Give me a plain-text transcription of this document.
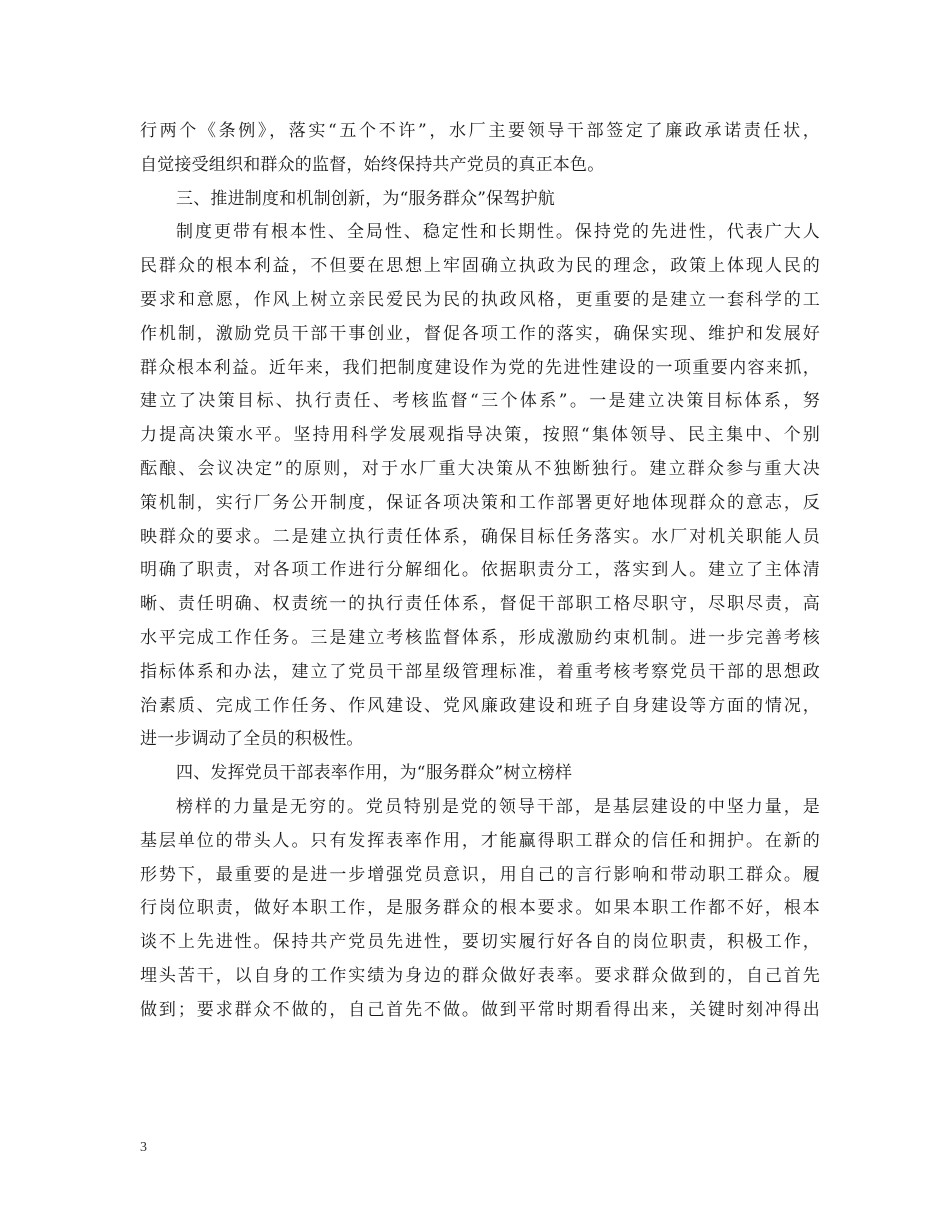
行两个《条例》，落实“五个不许”，水厂主要领导干部签定了廉政承诺责任状，
自觉接受组织和群众的监督，始终保持共产党员的真正本色。
三、推进制度和机制创新，为“服务群众”保驾护航
制度更带有根本性、全局性、稳定性和长期性。保持党的先进性，代表广大人
民群众的根本利益，不但要在思想上牢固确立执政为民的理念，政策上体现人民的
要求和意愿，作风上树立亲民爱民为民的执政风格，更重要的是建立一套科学的工
作机制，激励党员干部干事创业，督促各项工作的落实，确保实现、维护和发展好
群众根本利益。近年来，我们把制度建设作为党的先进性建设的一项重要内容来抓，
建立了决策目标、执行责任、考核监督“三个体系”。一是建立决策目标体系，努
力提高决策水平。坚持用科学发展观指导决策，按照“集体领导、民主集中、个别
酝酿、会议决定”的原则，对于水厂重大决策从不独断独行。建立群众参与重大决
策机制，实行厂务公开制度，保证各项决策和工作部署更好地体现群众的意志，反
映群众的要求。二是建立执行责任体系，确保目标任务落实。水厂对机关职能人员
明确了职责，对各项工作进行分解细化。依据职责分工，落实到人。建立了主体清
晰、责任明确、权责统一的执行责任体系，督促干部职工格尽职守，尽职尽责，高
水平完成工作任务。三是建立考核监督体系，形成激励约束机制。进一步完善考核
指标体系和办法，建立了党员干部星级管理标准，着重考核考察党员干部的思想政
治素质、完成工作任务、作风建设、党风廉政建设和班子自身建设等方面的情况，
进一步调动了全员的积极性。
四、发挥党员干部表率作用，为“服务群众”树立榜样
榜样的力量是无穷的。党员特别是党的领导干部，是基层建设的中坚力量，是
基层单位的带头人。只有发挥表率作用，才能赢得职工群众的信任和拥护。在新的
形势下，最重要的是进一步增强党员意识，用自己的言行影响和带动职工群众。履
行岗位职责，做好本职工作，是服务群众的根本要求。如果本职工作都不好，根本
谈不上先进性。保持共产党员先进性，要切实履行好各自的岗位职责，积极工作，
埋头苦干，以自身的工作实绩为身边的群众做好表率。要求群众做到的，自己首先
做到；要求群众不做的，自己首先不做。做到平常时期看得出来，关键时刻冲得出
3
